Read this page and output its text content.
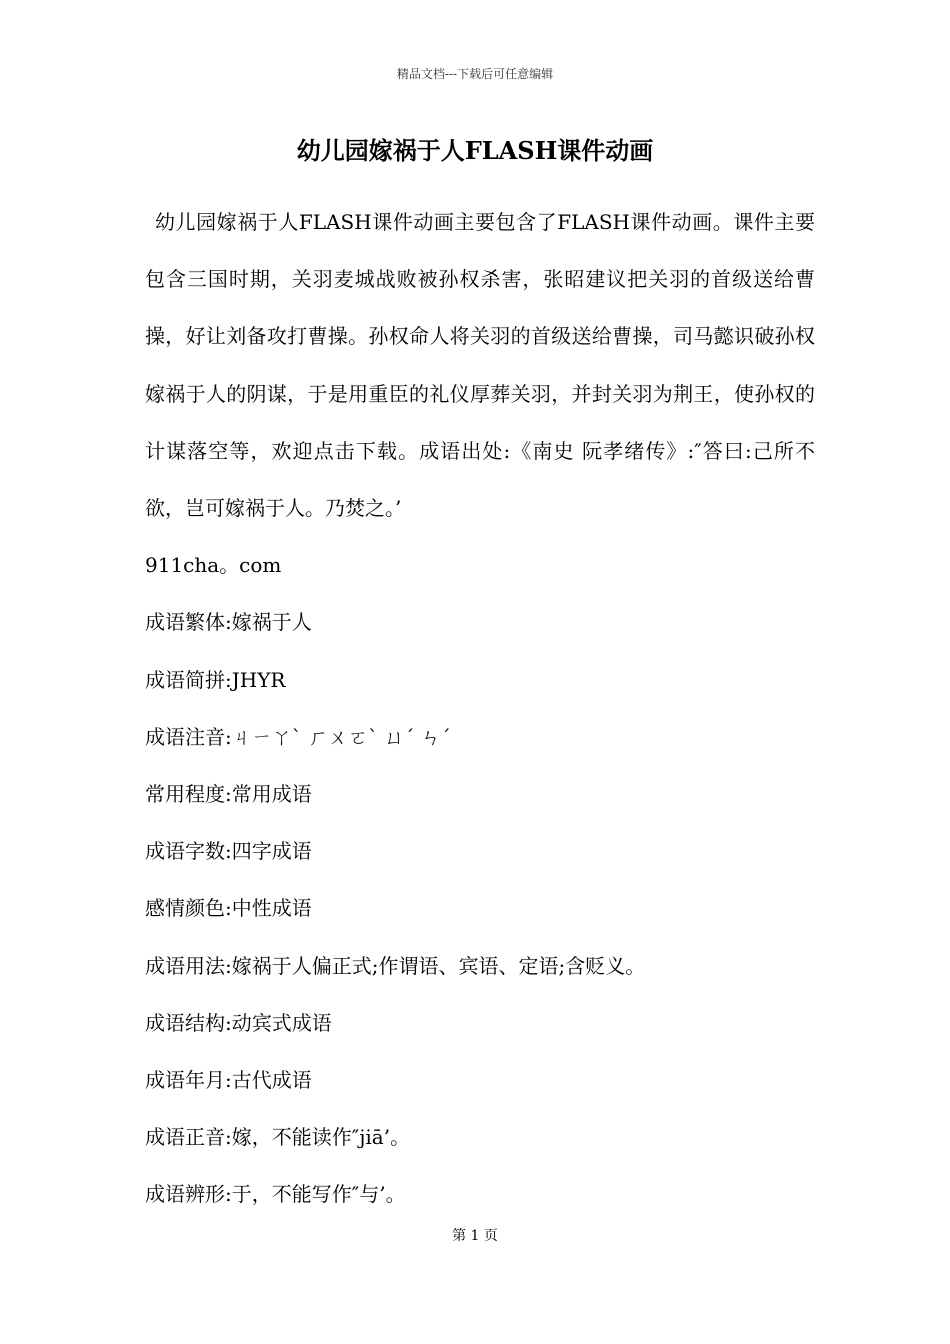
精品文档---下载后可任意编辑
幼儿园嫁祸于人FLASH课件动画

幼儿园嫁祸于人FLASH课件动画主要包含了FLASH课件动画。课件主要包含三国时期，关羽麦城战败被孙权杀害，张昭建议把关羽的首级送给曹操，好让刘备攻打曹操。孙权命人将关羽的首级送给曹操，司马懿识破孙权嫁祸于人的阴谋，于是用重臣的礼仪厚葬关羽，并封关羽为荆王，使孙权的计谋落空等，欢迎点击下载。成语出处:《南史 阮孝绪传》:″答曰:己所不欲，岂可嫁祸于人。乃焚之。’

911cha。com

成语繁体:嫁祸于人

成语简拼:JHYR

成语注音:ㄐㄧㄚˋ ㄏㄨㄛˋ ㄩˊ ㄣˊ

常用程度:常用成语

成语字数:四字成语

感情颜色:中性成语

成语用法:嫁祸于人偏正式;作谓语、宾语、定语;含贬义。

成语结构:动宾式成语

成语年月:古代成语

成语正音:嫁，不能读作″jiā’。

成语辨形:于，不能写作″与’。

第 1 页
